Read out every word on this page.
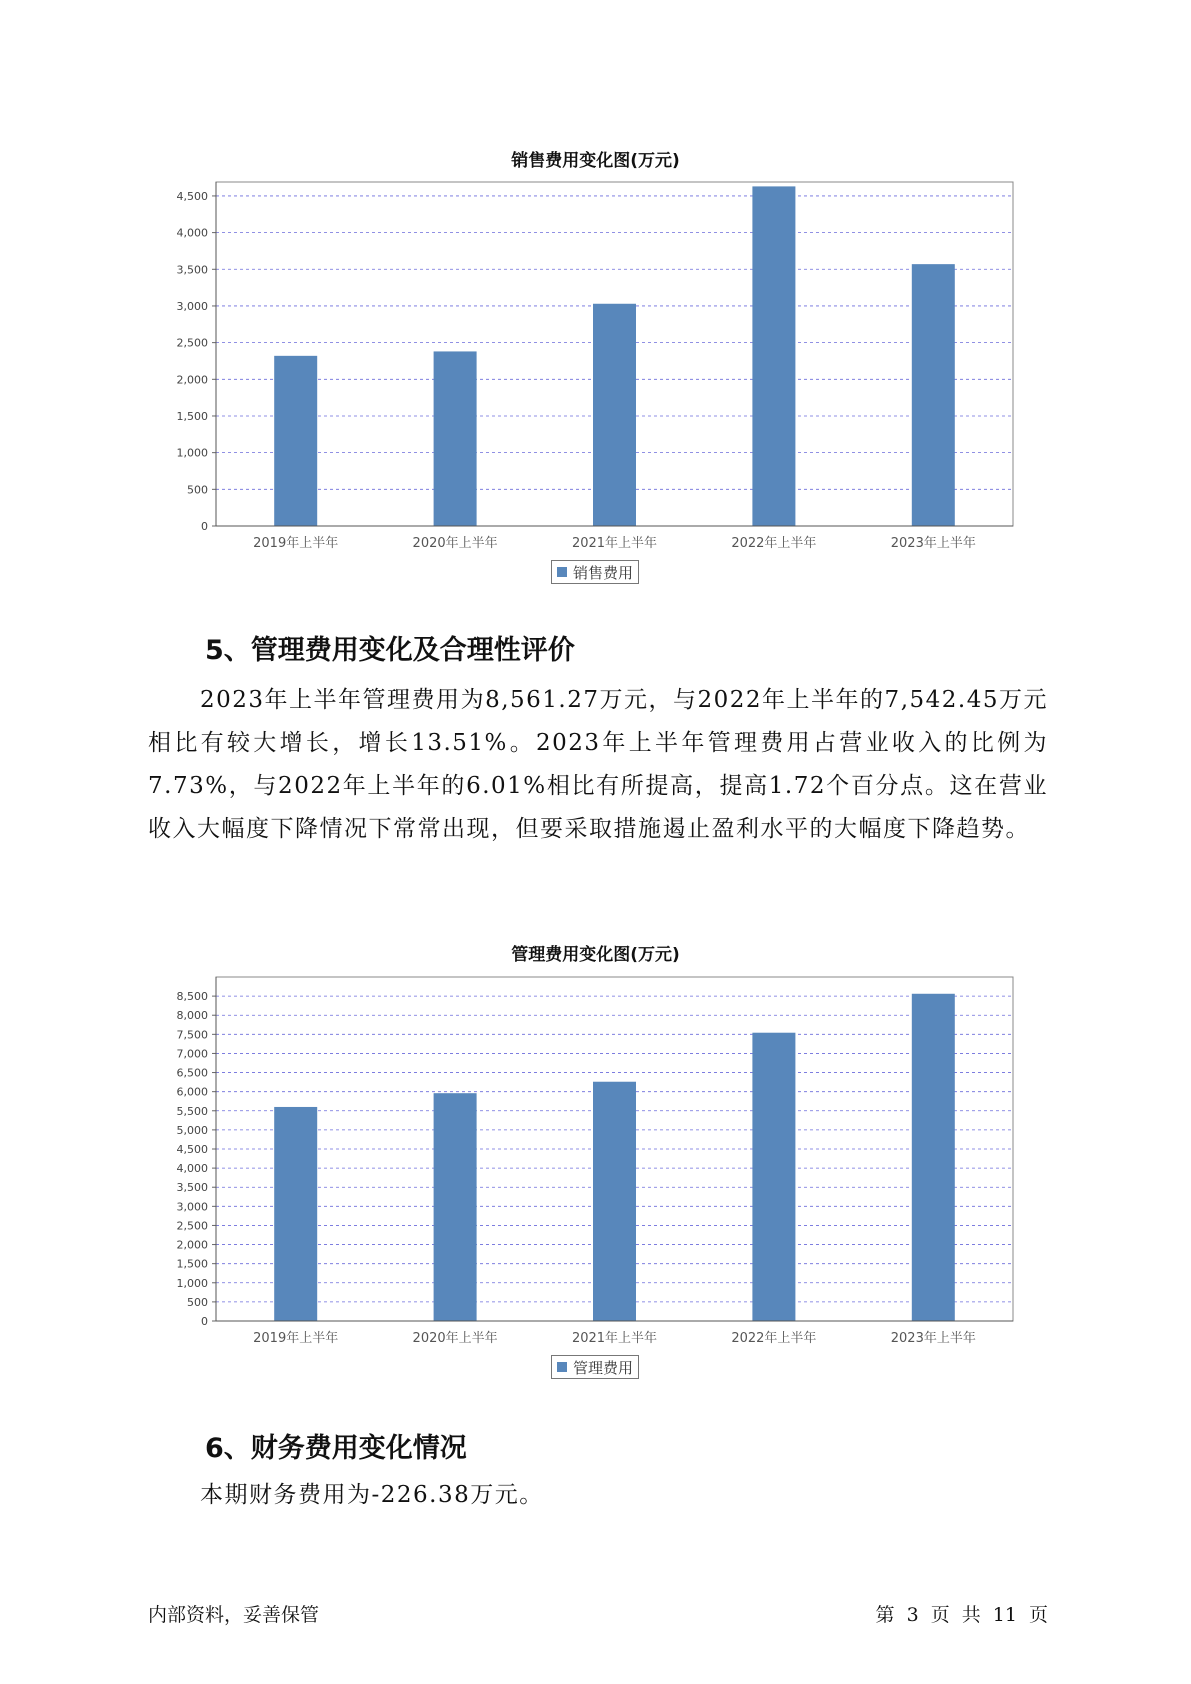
销售费用变化图(万元)
0
500
1,000
1,500
2,000
2,500
3,000
3,500
4,000
4,500
2019年上半年	2020年上半年	2021年上半年	2022年上半年	2023年上半年
销售费用
5、管理费用变化及合理性评价
2023年上半年管理费用为8,561.27万元，与2022年上半年的7,542.45万元相比有较大增长，增长13.51%。2023年上半年管理费用占营业收入的比例为7.73%，与2022年上半年的6.01%相比有所提高，提高1.72个百分点。这在营业收入大幅度下降情况下常常出现，但要采取措施遏止盈利水平的大幅度下降趋势。
管理费用变化图(万元)
0
500
1,000
1,500
2,000
2,500
3,000
3,500
4,000
4,500
5,000
5,500
6,000
6,500
7,000
7,500
8,000
8,500
2019年上半年	2020年上半年	2021年上半年	2022年上半年	2023年上半年
管理费用
6、财务费用变化情况
本期财务费用为-226.38万元。
内部资料，妥善保管	第 3 页 共 11 页
